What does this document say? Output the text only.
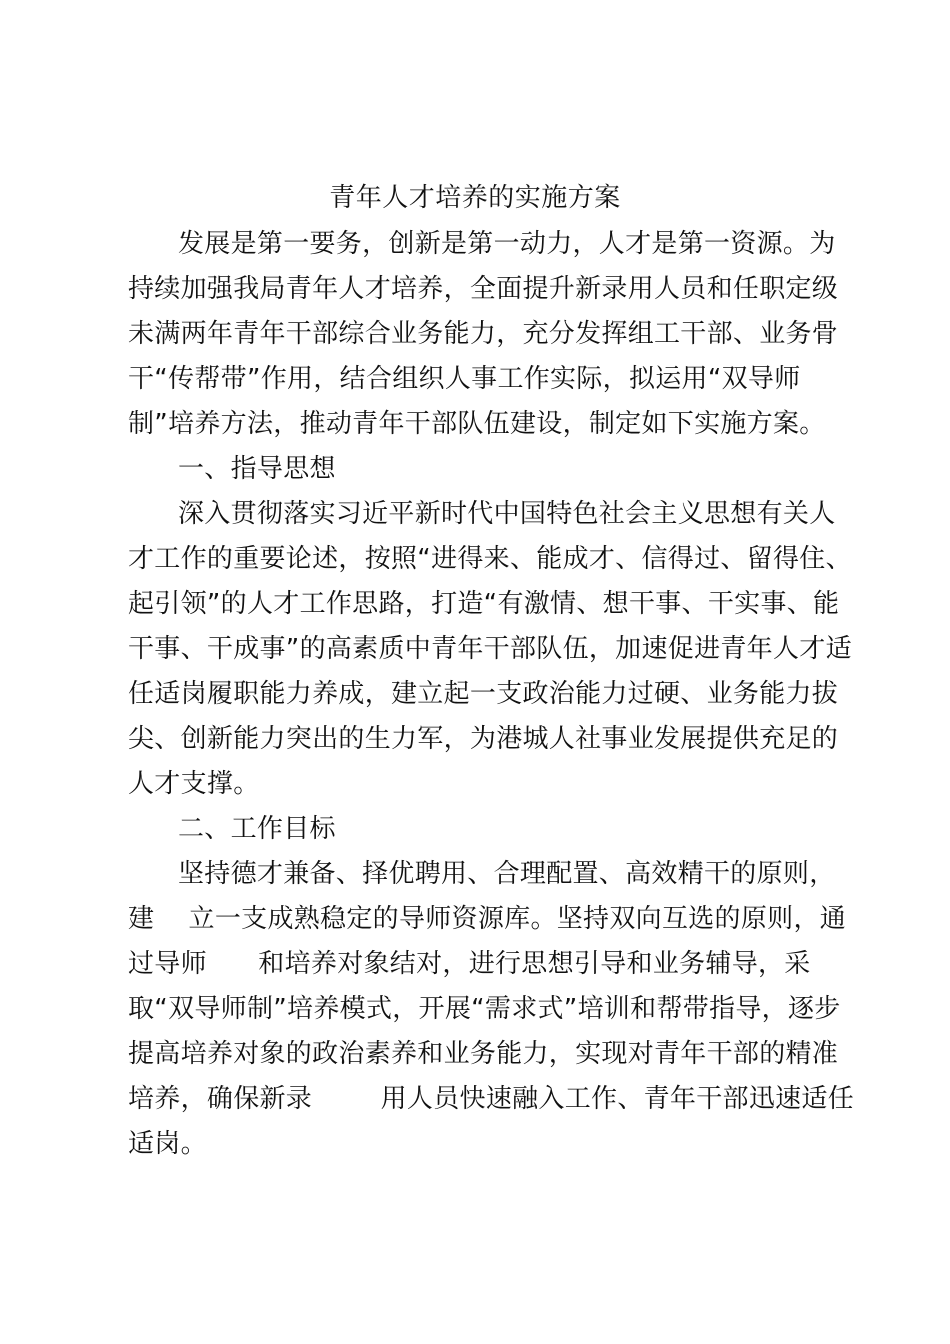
青年人才培养的实施方案

发展是第一要务，创新是第一动力，人才是第一资源。为

持续加强我局青年人才培养，全面提升新录用人员和任职定级

未满两年青年干部综合业务能力，充分发挥组工干部、业务骨

干“传帮带”作用，结合组织人事工作实际，拟运用“双导师

制”培养方法，推动青年干部队伍建设，制定如下实施方案。

一、指导思想

深入贯彻落实习近平新时代中国特色社会主义思想有关人

才工作的重要论述，按照“进得来、能成才、信得过、留得住、

起引领”的人才工作思路，打造“有激情、想干事、干实事、能

干事、干成事”的高素质中青年干部队伍，加速促进青年人才适

任适岗履职能力养成，建立起一支政治能力过硬、业务能力拔

尖、创新能力突出的生力军，为港城人社事业发展提供充足的

人才支撑。

二、工作目标

坚持德才兼备、择优聘用、合理配置、高效精干的原则，

建    立一支成熟稳定的导师资源库。坚持双向互选的原则，通

过导师      和培养对象结对，进行思想引导和业务辅导，采

取“双导师制”培养模式，开展“需求式”培训和帮带指导，逐步

提高培养对象的政治素养和业务能力，实现对青年干部的精准

培养，确保新录        用人员快速融入工作、青年干部迅速适任

适岗。
